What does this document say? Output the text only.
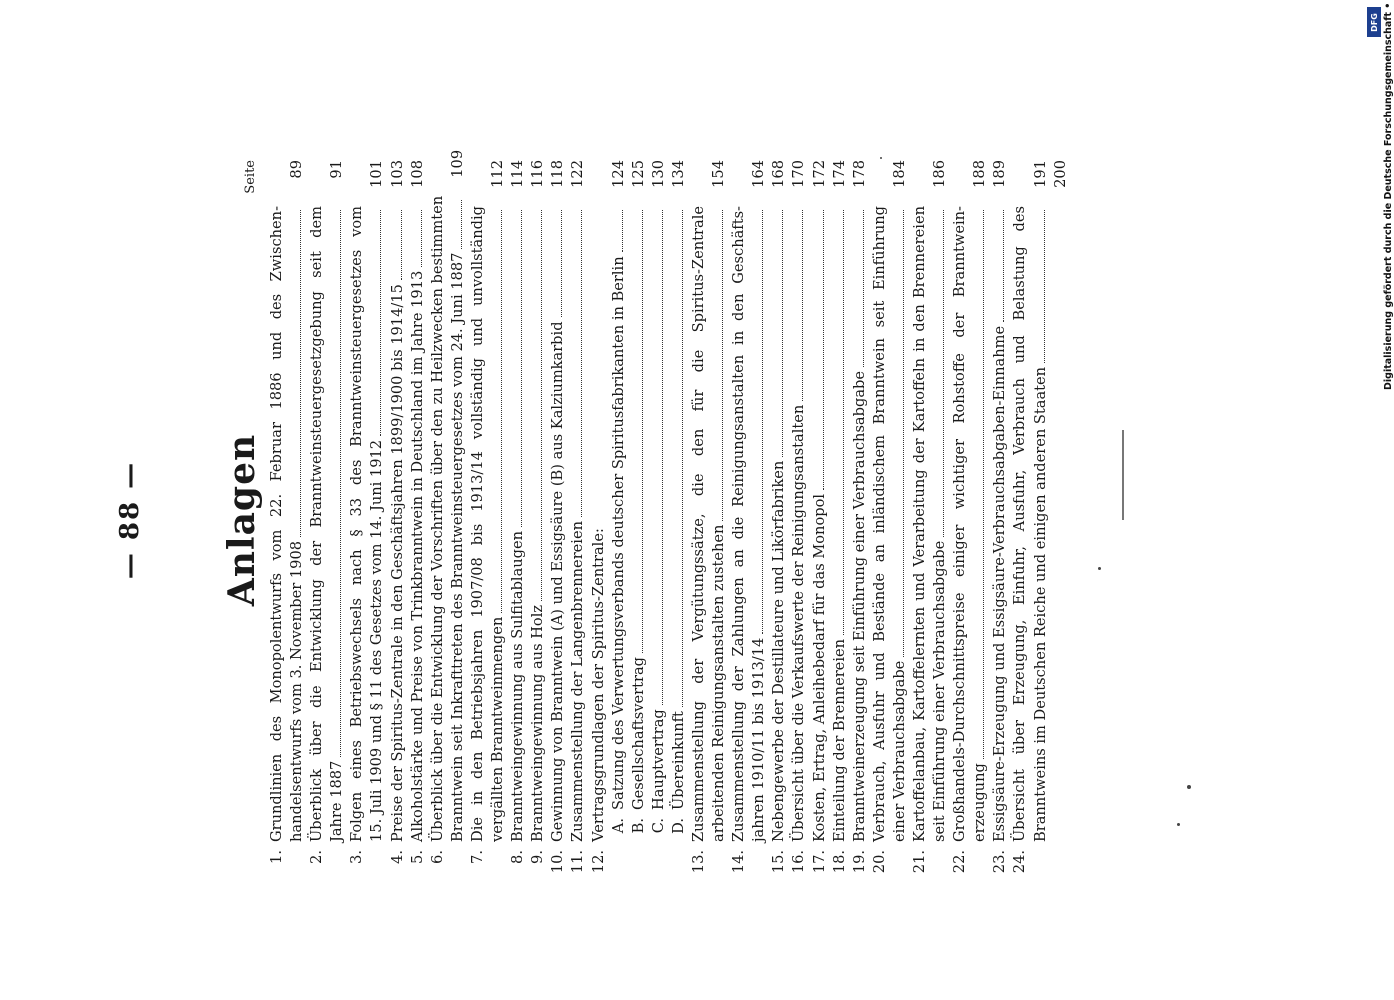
— 88 — Anlagen
Seite
1.
Grundlinien des Monopolentwurfs vom 22. Februar 1886 und des Zwischen- handelsentwurfs vom 3. November 1908
89
2.
Überblick über die Entwicklung der Branntweinsteuergesetzgebung seit dem Jahre 1887
91
3.
Folgen eines Betriebswechsels nach § 33 des Branntweinsteuergesetzes vom 15. Juli 1909 und § 11 des Gesetzes vom 14. Juni 1912
101
4.
Preise der Spiritus-Zentrale in den Geschäftsjahren 1899/1900 bis 1914/15
103
5.
Alkoholstärke und Preise von Trinkbranntwein in Deutschland im Jahre 1913
108
6.
Überblick über die Entwicklung der Vorschriften über den zu Heilzwecken bestimmten Branntwein seit Inkrafttreten des Branntweinsteuergesetzes vom 24. Juni 1887
109
7.
Die in den Betriebsjahren 1907/08 bis 1913/14 vollständig und unvollständig vergällten Branntweinmengen
112
8.
Branntweingewinnung aus Sulfitablaugen
114
9.
Branntweingewinnung aus Holz
116
10.
Gewinnung von Branntwein (A) und Essigsäure (B) aus Kalziumkarbid
118
11.
Zusammenstellung der Langenbrennereien
122
12.
Vertragsgrundlagen der Spiritus-Zentrale: A.
Satzung des Verwertungsverbands deutscher Spiritusfabrikanten in Berlin
124
B.
Gesellschaftsvertrag
125
C.
Hauptvertrag
130
D.
Übereinkunft
134
13.
Zusammenstellung der Vergütungssätze, die den für die Spiritus-Zentrale arbeitenden Reinigungsanstalten zustehen
154
14.
Zusammenstellung der Zahlungen an die Reinigungsanstalten in den Geschäfts- jahren 1910/11 bis 1913/14
164
15.
Nebengewerbe der Destillateure und Likörfabriken
168
16.
Übersicht über die Verkaufswerte der Reinigungsanstalten
170
17.
Kosten, Ertrag, Anleihebedarf für das Monopol
172
18.
Einteilung der Brennereien
174
19.
Branntweinerzeugung seit Einführung einer Verbrauchsabgabe
178
20.
Verbrauch, Ausfuhr und Bestände an inländischem Branntwein seit Einführung einer Verbrauchsabgabe
184
21.
Kartoffelanbau, Kartoffelernten und Verarbeitung der Kartoffeln in den Brennereien seit Einführung einer Verbrauchsabgabe
186
22.
Großhandels-Durchschnittspreise einiger wichtiger Rohstoffe der Branntwein- erzeugung
188
23.
Essigsäure-Erzeugung und Essigsäure-Verbrauchsabgaben-Einnahme
189
24.
Übersicht über Erzeugung, Einfuhr, Ausfuhr, Verbrauch und Belastung des Branntweins im Deutschen Reiche und einigen anderen Staaten
191 200
DFG Digitalisierung gefördert durch die Deutsche Forschungsgemeinschaft •
